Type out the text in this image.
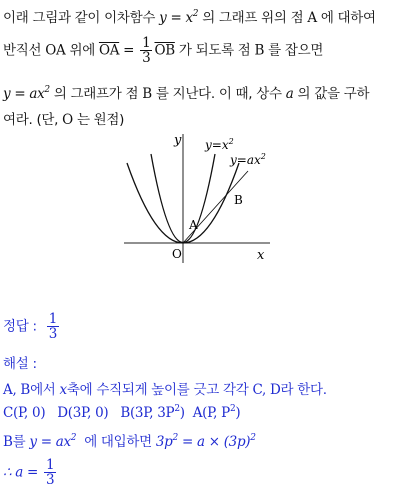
이래 그림과 같이 이차함수 $y = x^2$ 의 그래프 위의 점 A 에 대하여
반직선 OA 위에 $\overline{OA} = \frac{1}{3} \overline{OB}$ 가 되도록 점 B 를 잡으면
$y = ax^2$ 의 그래프가 점 B 를 지난다. 이 때, 상수 a 의 값을 구하
여라. (단, O 는 원점)
y
x
O
A
B
$y=x^2$
$y=ax^2$
정답 : $\frac{1}{3}$
해설 :
A, B에서 x축에 수직되게 높이를 긋고 각각 C, D라 한다.
C(P, 0) D(3P, 0) B(3P, $3P^2$) A(P, $P^2$)
B를 $y = ax^2$ 에 대입하면 $3p^2 = a \times (3p)^2$
∴ $a = \frac{1}{3}$
